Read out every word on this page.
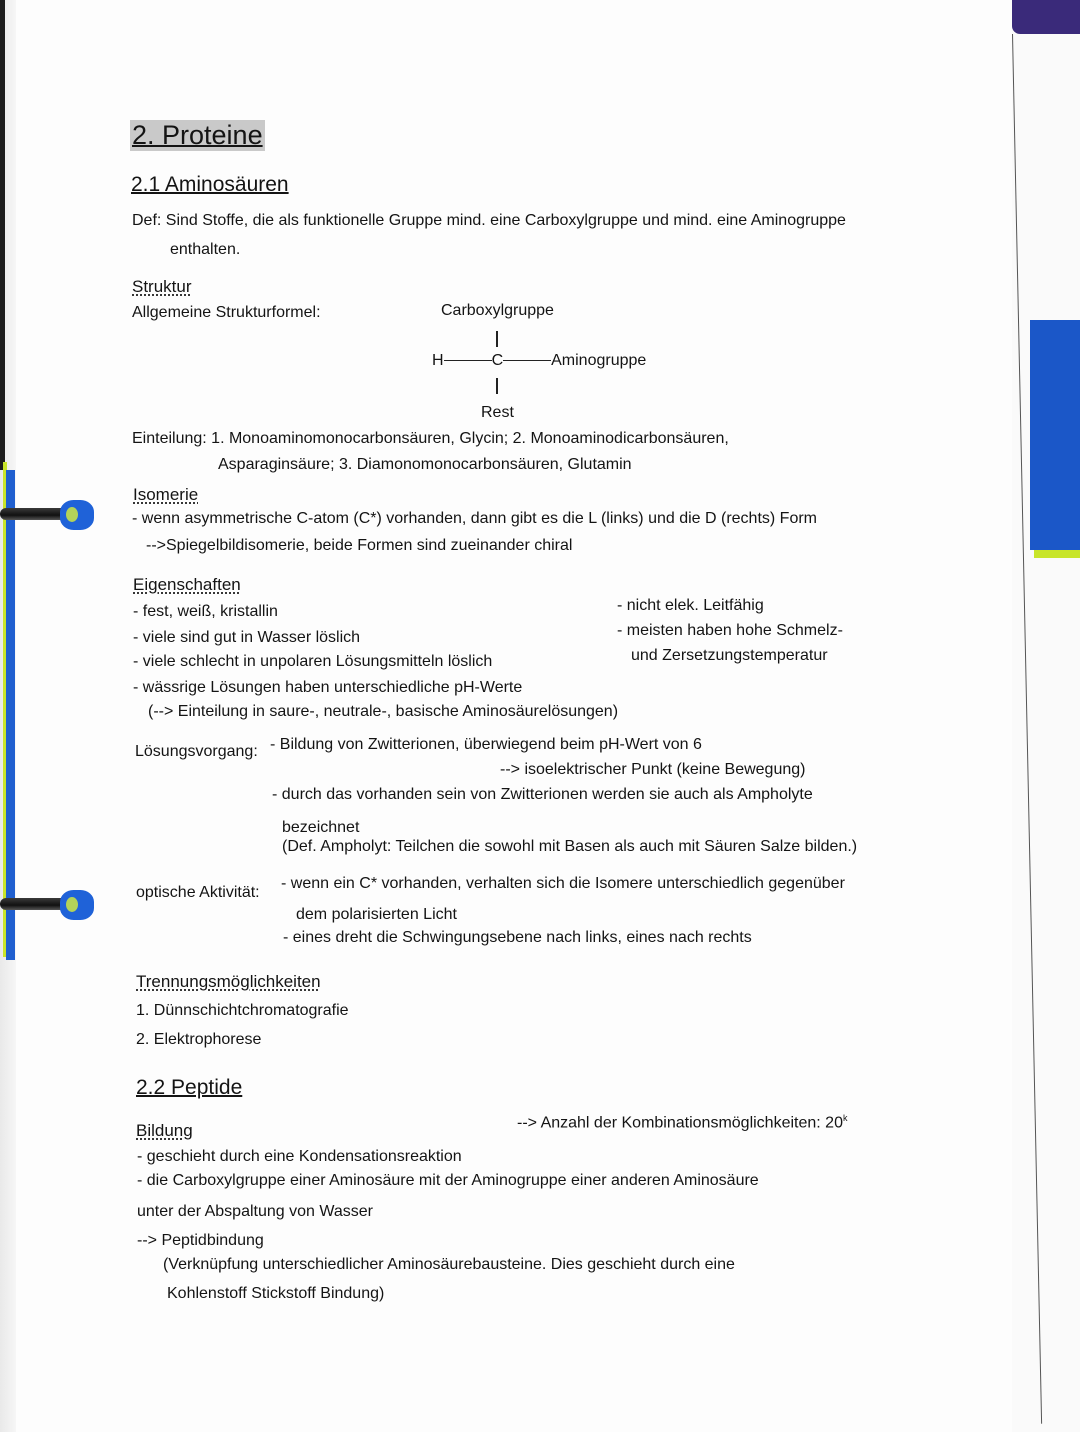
2. Proteine
2.1 Aminosäuren
Def: Sind Stoffe, die als funktionelle Gruppe mind. eine Carboxylgruppe und mind. eine Aminogruppe
enthalten.
Struktur
Allgemeine Strukturformel:	Carboxylgruppe
H	C	Aminogruppe
Rest
Einteilung: 1. Monoaminomonocarbonsäuren, Glycin; 2. Monoaminodicarbonsäuren,
Asparaginsäure; 3. Diamonomonocarbonsäuren, Glutamin
Isomerie
- wenn asymmetrische C-atom (C*) vorhanden, dann gibt es die L (links) und die D (rechts) Form
-->Spiegelbildisomerie, beide Formen sind zueinander chiral
Eigenschaften
- fest, weiß, kristallin
- viele sind gut in Wasser löslich
- viele schlecht in unpolaren Lösungsmitteln löslich
- wässrige Lösungen haben unterschiedliche pH-Werte
(--> Einteilung in saure-, neutrale-, basische Aminosäurelösungen)
- nicht elek. Leitfähig
- meisten haben hohe Schmelz-
und Zersetzungstemperatur
Lösungsvorgang: - Bildung von Zwitterionen, überwiegend beim pH-Wert von 6
--> isoelektrischer Punkt (keine Bewegung)
- durch das vorhanden sein von Zwitterionen werden sie auch als Ampholyte
bezeichnet
(Def. Ampholyt: Teilchen die sowohl mit Basen als auch mit Säuren Salze bilden.)
optische Aktivität:
- wenn ein C* vorhanden, verhalten sich die Isomere unterschiedlich gegenüber
dem polarisierten Licht
- eines dreht die Schwingungsebene nach links, eines nach rechts
Trennungsmöglichkeiten
1. Dünnschichtchromatografie
2. Elektrophorese
2.2 Peptide
Bildung	--> Anzahl der Kombinationsmöglichkeiten: 20$^k$
- geschieht durch eine Kondensationsreaktion
- die Carboxylgruppe einer Aminosäure mit der Aminogruppe einer anderen Aminosäure
unter der Abspaltung von Wasser
--> Peptidbindung
(Verknüpfung unterschiedlicher Aminosäurebausteine. Dies geschieht durch eine
Kohlenstoff Stickstoff Bindung)
